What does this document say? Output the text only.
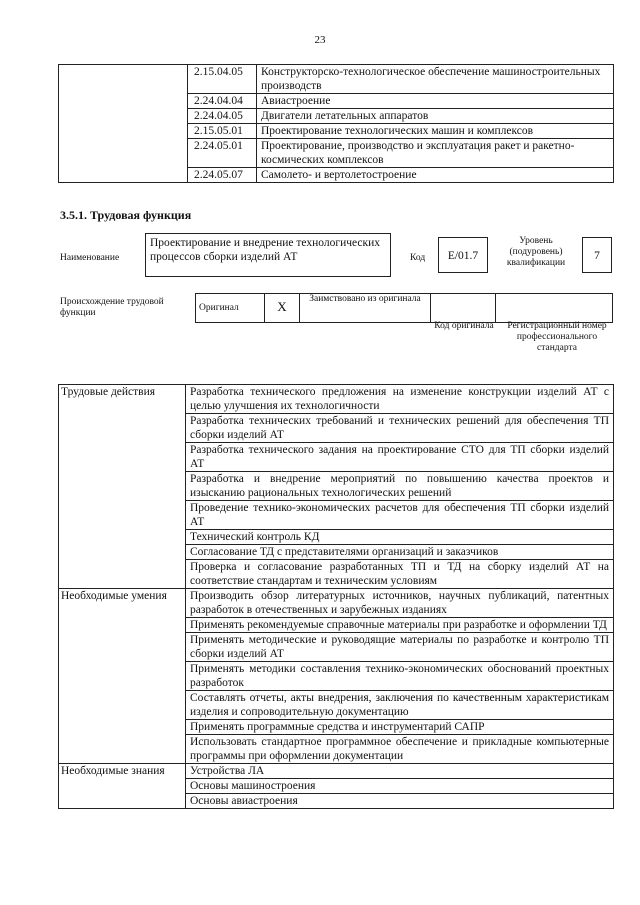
23
	2.15.04.05	Конструкторско-технологическое обеспечение машиностроительных производств
	2.24.04.04	Авиастроение
	2.24.04.05	Двигатели летательных аппаратов
	2.15.05.01	Проектирование технологических машин и комплексов
	2.24.05.01	Проектирование, производство и эксплуатация ракет и ракетно-космических комплексов
	2.24.05.07	Самолето- и вертолетостроение
3.5.1. Трудовая функция
Наименование
Проектирование и внедрение технологических процессов сборки изделий АТ	Код	E/01.7
Уровень (подуровень) квалификации
7
Происхождение трудовой функции
Оригинал	X	Заимствовано из оригинала		
Код оригинала	Регистрационный номер профессионального стандарта
Трудовые действия	Разработка технического предложения на изменение конструкции изделий АТ с целью улучшения их технологичности
	Разработка технических требований и технических решений для обеспечения ТП сборки изделий АТ
	Разработка технического задания на проектирование СТО для ТП сборки изделий АТ
	Разработка и внедрение мероприятий по повышению качества проектов и изысканию рациональных технологических решений
	Проведение технико-экономических расчетов для обеспечения ТП сборки изделий АТ
	Технический контроль КД
	Согласование ТД с представителями организаций и заказчиков
	Проверка и согласование разработанных ТП и ТД на сборку изделий АТ на соответствие стандартам и техническим условиям
Необходимые умения	Производить обзор литературных источников, научных публикаций, патентных разработок в отечественных и зарубежных изданиях
	Применять рекомендуемые справочные материалы при разработке и оформлении ТД
	Применять методические и руководящие материалы по разработке и контролю ТП сборки изделий АТ
	Применять методики составления технико-экономических обоснований проектных разработок
	Составлять отчеты, акты внедрения, заключения по качественным характеристикам изделия и сопроводительную документацию
	Применять программные средства и инструментарий САПР
	Использовать стандартное программное обеспечение и прикладные компьютерные программы при оформлении документации
Необходимые знания	Устройства ЛА
	Основы машиностроения
	Основы авиастроения
